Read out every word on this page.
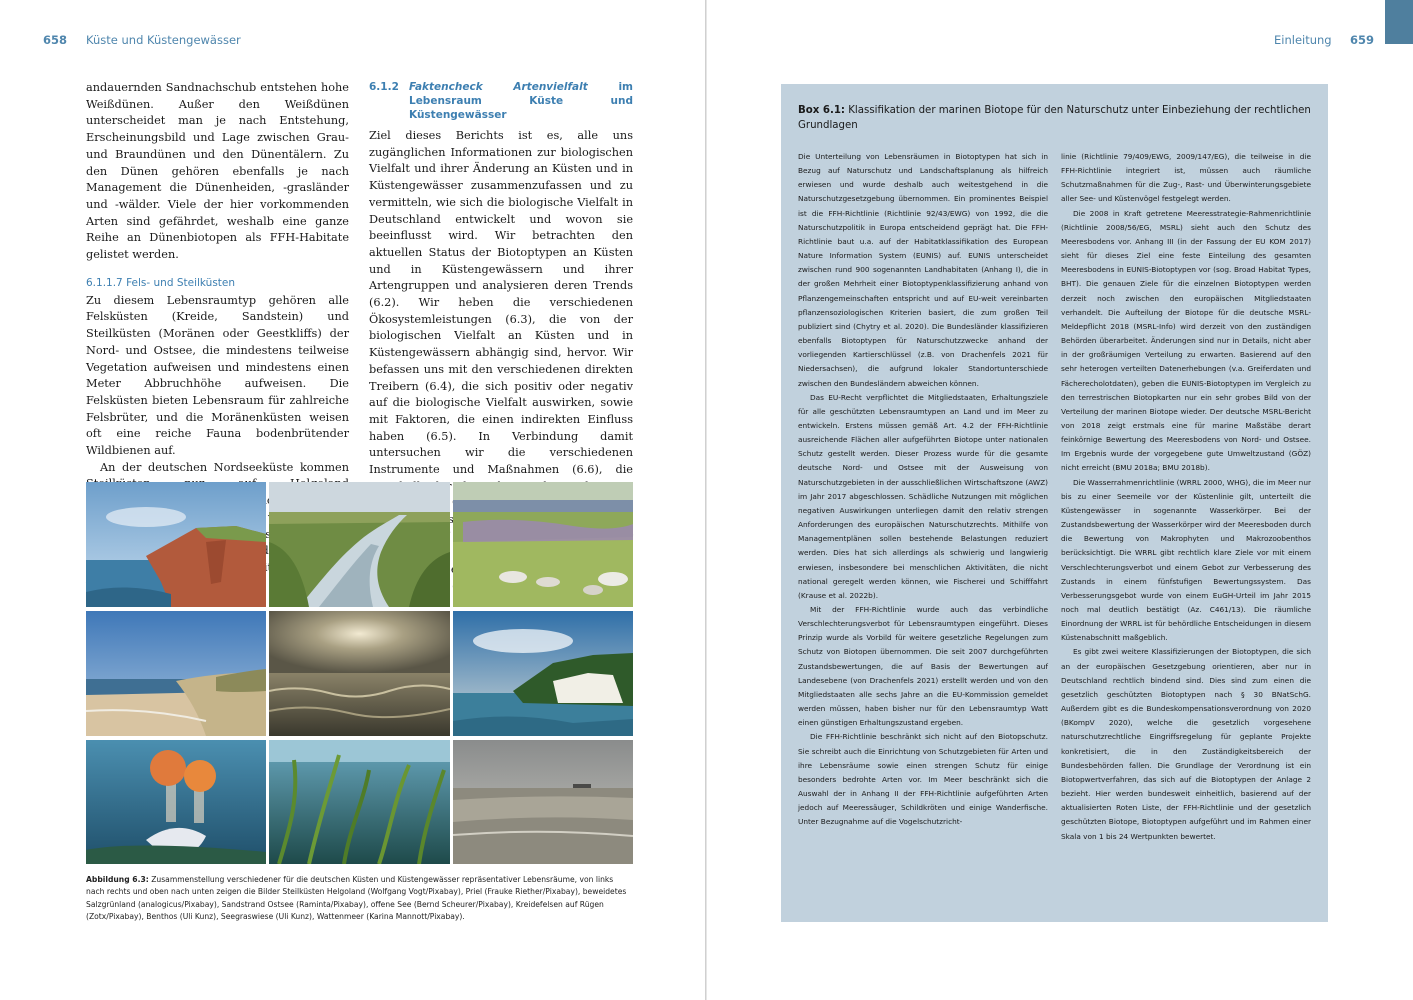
658 Küste und Küstengewässer

andauernden Sandnachschub entstehen hohe Weißdünen. Außer den Weißdünen unterscheidet man je nach Entstehung, Erscheinungsbild und Lage zwischen Grau- und Braundünen und den Dünentälern. Zu den Dünen gehören ebenfalls je nach Management die Dünenheiden, -grasländer und -wälder. Viele der hier vorkommenden Arten sind gefährdet, weshalb eine ganze Reihe an Dünenbiotopen als FFH-Habitate gelistet werden.

6.1.1.7 Fels- und Steilküsten

Zu diesem Lebensraumtyp gehören alle Felsküsten (Kreide, Sandstein) und Steilküsten (Moränen oder Geestkliffs) der Nord- und Ostsee, die mindestens teilweise Vegetation aufweisen und mindestens einen Meter Abbruchhöhe aufweisen. Die Felsküsten bieten Lebensraum für zahlreiche Felsbrüter, und die Moränenküsten weisen oft eine reiche Fauna bodenbrütender Wildbienen auf.

An der deutschen Nordseeküste kommen

6.1.2 Faktencheck Artenvielfalt im Lebensraum Küste und Küstengewässer

Ziel dieses Berichts ist es, alle uns zugänglichen Informationen zur biologischen Vielfalt und ihrer Änderung an Küsten und in Küstengewässer zusammenzufassen und zu vermitteln, wie sich die biologische Vielfalt in Deutschland entwickelt und wovon sie beeinflusst wird. Wir betrachten den aktuellen Status der Biotoptypen an Küsten und in Küstengewässern und ihrer Artengruppen und analysieren deren Trends (6.2). Wir heben die verschiedenen Ökosystemleistungen (6.3), die von der biologischen Vielfalt an Küsten und in Küstengewässern abhängig sind, hervor. Wir befassen uns mit den verschiedenen direkten Treibern (6.4), die sich positiv oder negativ auf die biologische Vielfalt auswirken, sowie mit Faktoren, die einen indirekten Einfluss haben (6.5). In Verbindung damit untersuchen wir die verschiedenen Instrumente und Maßnahmen (6.6), die

Abbildung 6.3: Zusammenstellung verschiedener für die deutschen Küsten und Küstengewässer repräsentativer Lebensräume, von links nach rechts und oben nach unten zeigen die Bilder Steilküsten Helgoland (Wolfgang Vogt/Pixabay), Priel (Frauke Riether/Pixabay), beweidetes Salzgrünland (analogicus/Pixabay), Sandstrand Ostsee (Raminta/Pixabay), offene See (Bernd Scheurer/Pixabay), Kreidefelsen auf Rügen (Zotx/Pixabay), Benthos (Uli Kunz), Seegraswiese (Uli Kunz), Wattenmeer (Karina Mannott/Pixabay).
Einleitung 659
Box 6.1: Klassifikation der marinen Biotope für den Naturschutz unter Einbeziehung der rechtlichen Grundlagen

Die Unterteilung von Lebensräumen in Biotoptypen hat sich in Bezug auf Naturschutz und Landschaftsplanung als hilfreich erwiesen und wurde deshalb auch weitestgehend in die Naturschutzgesetzgebung übernommen. Ein prominentes Beispiel ist die FFH-Richtlinie (Richtlinie 92/43/EWG) von 1992, die die Naturschutzpolitik in Europa entscheidend geprägt hat. Die FFH-Richtlinie baut u.a. auf der Habitatklassifikation des European Nature Information System (EUNIS) auf. EUNIS unterscheidet zwischen rund 900 sogenannten Landhabitaten (Anhang I), die in der großen Mehrheit einer Biotoptypenklassifizierung anhand von Pflanzengemeinschaften entspricht und auf EU-weit vereinbarten pflanzensoziologischen Kriterien basiert, die zum großen Teil publiziert sind (Chytry et al. 2020). Die Bundesländer klassifizieren ebenfalls Biotoptypen für Naturschutzzwecke anhand der vorliegenden Kartierschlüssel (z.B. von Drachenfels 2021 für Niedersachsen), die aufgrund lokaler Standortunterschiede zwischen den Bundesländern abweichen können.

Das EU-Recht verpflichtet die Mitgliedstaaten, Erhaltungsziele für alle geschützten Lebensraumtypen an Land und im Meer zu entwickeln. Erstens müssen gemäß Art. 4.2 der FFH-Richtlinie ausreichende Flächen aller aufgeführten Biotope unter nationalen Schutz gestellt werden. Dieser Prozess wurde für die gesamte deutsche Nord- und Ostsee mit der Ausweisung von Naturschutzgebieten in der ausschließlichen Wirtschaftszone (AWZ) im Jahr 2017 abgeschlossen. Schädliche Nutzungen mit möglichen negativen Auswirkungen unterliegen damit den relativ strengen Anforderungen des europäischen Naturschutzrechts. Mithilfe von Managementplänen sollen bestehende Belastungen reduziert werden. Dies hat sich allerdings als schwierig und langwierig erwiesen, insbesondere bei menschlichen Aktivitäten, die nicht national geregelt werden können, wie Fischerei und Schifffahrt (Krause et al. 2022b).

Mit der FFH-Richtlinie wurde auch das verbindliche Verschlechterungsverbot für Lebensraumtypen eingeführt. Dieses Prinzip wurde als Vorbild für weitere gesetzliche Regelungen zum Schutz von Biotopen übernommen. Die seit 2007 durchgeführten Zustandsbewertungen, die auf Basis der Bewertungen auf Landesebene (von Drachenfels 2021) erstellt werden und von den Mitgliedstaaten alle sechs Jahre an die EU-Kommission gemeldet werden müssen, haben bisher nur für den Lebensraumtyp Watt einen günstigen Erhaltungszustand ergeben.

Die FFH-Richtlinie beschränkt sich nicht auf den Biotopschutz. Sie schreibt auch die Einrichtung von Schutzgebieten für Arten und ihre Lebensräume sowie einen strengen Schutz für einige besonders bedrohte Arten vor. Im Meer beschränkt sich die Auswahl der in Anhang II der FFH-Richtlinie aufgeführten Arten jedoch auf Meeressäuger, Schildkröten und einige Wanderfische. Unter Bezugnahme auf die Vogelschutzricht-

linie (Richtlinie 79/409/EWG, 2009/147/EG), die teilweise in die FFH-Richtlinie integriert ist, müssen auch räumliche Schutzmaßnahmen für die Zug-, Rast- und Überwinterungsgebiete aller See- und Küstenvögel festgelegt werden.

Die 2008 in Kraft getretene Meeresstrategie-Rahmenrichtlinie (Richtlinie 2008/56/EG, MSRL) sieht auch den Schutz des Meeresbodens vor. Anhang III (in der Fassung der EU KOM 2017) sieht für dieses Ziel eine feste Einteilung des gesamten Meeresbodens in EUNIS-Biotoptypen vor (sog. Broad Habitat Types, BHT). Die genauen Ziele für die einzelnen Biotoptypen werden derzeit noch zwischen den europäischen Mitgliedstaaten verhandelt. Die Aufteilung der Biotope für die deutsche MSRL-Meldepflicht 2018 (MSRL-Info) wird derzeit von den zuständigen Behörden überarbeitet. Änderungen sind nur in Details, nicht aber in der großräumigen Verteilung zu erwarten. Basierend auf den sehr heterogen verteilten Datenerhebungen (v.a. Greiferdaten und Fächerecholotdaten), geben die EUNIS-Biotoptypen im Vergleich zu den terrestrischen Biotopkarten nur ein sehr grobes Bild von der Verteilung der marinen Biotope wieder. Der deutsche MSRL-Bericht von 2018 zeigt erstmals eine für marine Maßstäbe derart feinkörnige Bewertung des Meeresbodens von Nord- und Ostsee. Im Ergebnis wurde der vorgegebene gute Umweltzustand (GÖZ) nicht erreicht (BMU 2018a; BMU 2018b).

Die Wasserrahmenrichtlinie (WRRL 2000, WHG), die im Meer nur bis zu einer Seemeile vor der Küstenlinie gilt, unterteilt die Küstengewässer in sogenannte Wasserkörper. Bei der Zustandsbewertung der Wasserkörper wird der Meeresboden durch die Bewertung von Makrophyten und Makrozoobenthos berücksichtigt. Die WRRL gibt rechtlich klare Ziele vor mit einem Verschlechterungsverbot und einem Gebot zur Verbesserung des Zustands in einem fünfstufigen Bewertungssystem. Das Verbesserungsgebot wurde von einem EuGH-Urteil im Jahr 2015 noch mal deutlich bestätigt (Az. C461/13). Die räumliche Einordnung der WRRL ist für behördliche Entscheidungen in diesem Küstenabschnitt maßgeblich.

Es gibt zwei weitere Klassifizierungen der Biotoptypen, die sich an der europäischen Gesetzgebung orientieren, aber nur in Deutschland rechtlich bindend sind. Dies sind zum einen die gesetzlich geschützten Biotoptypen nach § 30 BNatSchG. Außerdem gibt es die Bundeskompensationsverordnung von 2020 (BKompV 2020), welche die gesetzlich vorgesehene naturschutzrechtliche Eingriffsregelung für geplante Projekte konkretisiert, die in den Zuständigkeitsbereich der Bundesbehörden fallen. Die Grundlage der Verordnung ist ein Biotopwertverfahren, das sich auf die Biotoptypen der Anlage 2 bezieht. Hier werden bundesweit einheitlich, basierend auf der aktualisierten Roten Liste, der FFH-Richtlinie und der gesetzlich geschützten Biotope, Biotoptypen aufgeführt und im Rahmen einer Skala von 1 bis 24 Wertpunkten bewertet.
